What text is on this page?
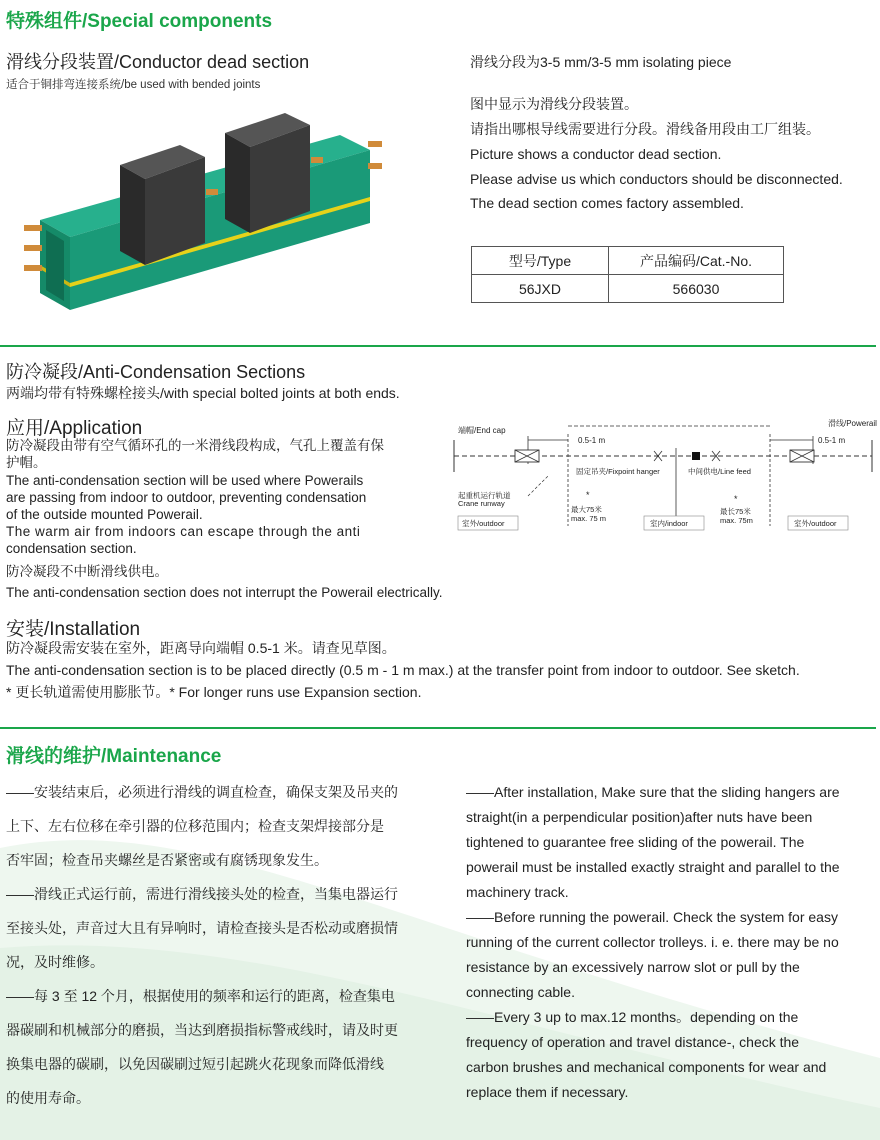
特殊组件/Special components
滑线分段装置/Conductor dead section
适合于铜排弯连接系统/be used with bended joints
滑线分段为3-5 mm/3-5 mm isolating piece
图中显示为滑线分段装置。
请指出哪根导线需要进行分段。滑线备用段由工厂组装。
Picture shows a conductor dead section.
Please advise us which conductors should be disconnected.
The dead section comes factory assembled.
型号/Type	产品编码/Cat.-No.
56JXD	566030
防冷凝段/Anti-Condensation Sections
两端均带有特殊螺栓接头/with special bolted joints at both ends.
应用/Application
防冷凝段由带有空气循环孔的一米滑线段构成，气孔上覆盖有保
护帽。
The anti-condensation section will be used where Powerails
are passing from indoor to outdoor, preventing condensation
of the outside mounted Powerail.
The warm air from indoors can escape through the anti
condensation section.
防冷凝段不中断滑线供电。
The anti-condensation section does not interrupt the Powerail electrically.
端帽/End cap
滑线/Powerail
0.5-1 m	0.5-1 m
固定吊夹/Fixpoint hanger	中间供电/Line feed
起重机运行轨道
Crane runway
*	*
最大75米
max. 75 m
最长75米
max. 75m
室外/outdoor	室内/indoor	室外/outdoor
安装/Installation
防冷凝段需安装在室外，距离导向端帽 0.5-1 米。请查见草图。
The anti-condensation section is to be placed directly (0.5 m - 1 m max.) at the transfer point from indoor to outdoor. See sketch.
* 更长轨道需使用膨胀节。* For longer runs use Expansion section.
滑线的维护/Maintenance
——安装结束后，必须进行滑线的调直检查，确保支架及吊夹的
上下、左右位移在牵引器的位移范围内；检查支架焊接部分是
否牢固；检查吊夹螺丝是否紧密或有腐锈现象发生。
——滑线正式运行前，需进行滑线接头处的检查，当集电器运行
至接头处，声音过大且有异响时，请检查接头是否松动或磨损情
况，及时维修。
——每 3 至 12 个月，根据使用的频率和运行的距离，检查集电
器碳刷和机械部分的磨损，当达到磨损指标警戒线时，请及时更
换集电器的碳刷，以免因碳刷过短引起跳火花现象而降低滑线
的使用寿命。
——After installation, Make sure that the sliding hangers are
straight(in a perpendicular position)after nuts have been
tightened to guarantee free sliding of the powerail. The
powerail must be installed exactly straight and parallel to the
machinery track.
——Before running the powerail. Check the system for easy
running of the current collector trolleys. i. e. there may be no
resistance by an excessively narrow slot or pull by the
connecting cable.
——Every 3 up to max.12 months。depending on the
frequency of operation and travel distance-, check the
carbon brushes and mechanical components for wear and
replace them if necessary.
